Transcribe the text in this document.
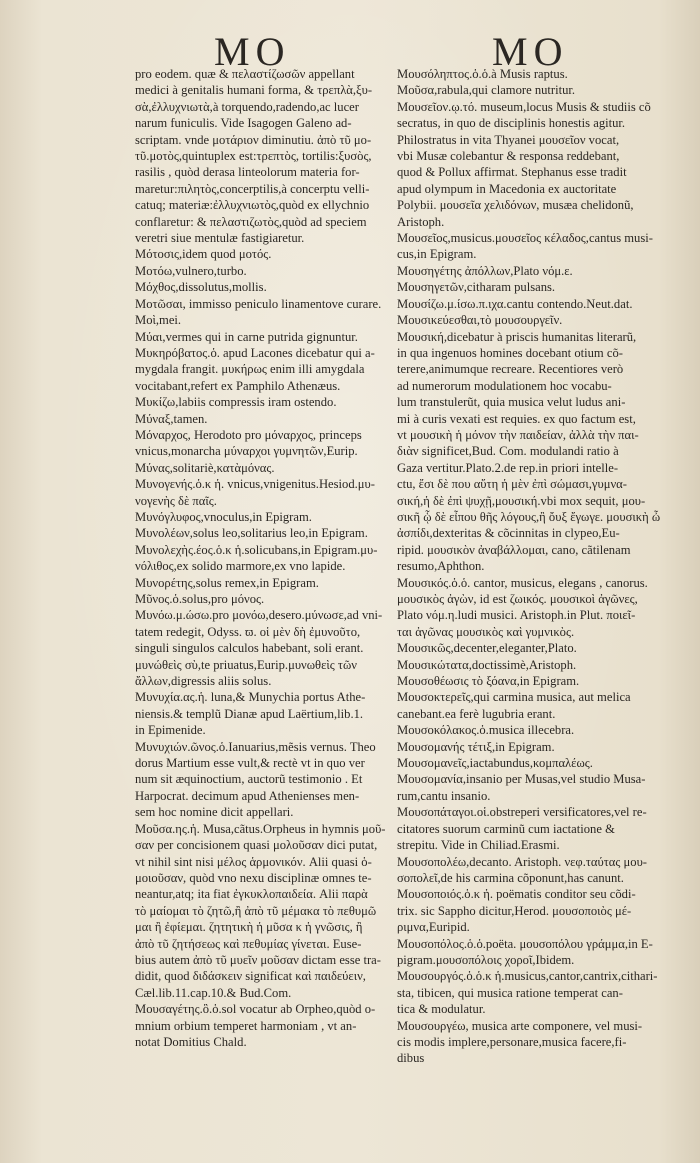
MO	MO
pro eodem. quæ & πελαστίζωσῶν appellant
medici à genitalis humani forma, & τρεπλὰ,ξυ-
σὰ,ἐλλυχνιωτὰ,à torquendo,radendo,ac lucer
narum funiculis. Vide Isagogen Galeno ad-
scriptam. vnde μοτάριον diminutiu. ἀπὸ τῦ μο-
τῦ.μοτὸς,quintuplex est:τρεπτὸς, tortilis:ξυσὸς,
rasilis , quòd derasa linteolorum materia for-
maretur:πιλητὸς,concerptilis,à concerptu velli-
catuq; materiæ:ἐλλυχνιωτὸς,quòd ex ellychnio
conflaretur: & πελαστιζωτὸς,quòd ad speciem
veretri siue mentulæ fastigiaretur.
Μότοσις,idem quod μοτός.
Μοτόω,vulnero,turbo.
Μόχθος,dissolutus,mollis.
Μοτῶσαι, immisso peniculo linamentove curare.
Μοὶ,mei.
Μύαι,vermes qui in carne putrida gignuntur.
Μυκηρόβατος.ὁ. apud Lacones dicebatur qui a-
mygdala frangit. μυκήρως enim illi amygdala
vocitabant,refert ex Pamphilo Athenæus.
Μυκίζω,labiis compressis iram ostendo.
Μύναξ,tamen.
Μόναρχος, Herodoto pro μόναρχος, princeps
vnicus,monarcha μύναρχοι γυμνητῶν,Eurip.
Μύνας,solitariè,κατὰμόνας.
Μυνογενής.ὁ.κ ἡ. vnicus,vnigenitus.Hesiod.μυ-
νογενὴς δὲ παῖς.
Μυνόγλυφος,vnoculus,in Epigram.
Μυνολέων,solus leo,solitarius leo,in Epigram.
Μυνολεχὴς.έος.ὁ.κ ἡ.solicubans,in Epigram.μυ-
νόλιθος,ex solido marmore,ex vno lapide.
Μυνορέτης,solus remex,in Epigram.
Μῦνος.ὁ.solus,pro μόνος.
Μυνόω.μ.ώσω.pro μονόω,desero.μύνωσε,ad vni-
tatem redegit, Odyss. ϖ. οἱ μὲν δὴ ἐμυνοῦτο,
singuli singulos calculos habebant, soli erant.
μυνώθεὶς σὺ,te priuatus,Eurip.μυνωθεὶς τῶν
ἄλλων,digressis aliis solus.
Μυνυχία.ας.ἡ. luna,& Munychia portus Athe-
niensis.& templũ Dianæ apud Laërtium,lib.1.
in Epimenide.
Μυνυχιών.ῶνος.ὁ.Ianuarius,mẽsis vernus. Theo
dorus Martium esse vult,& rectè vt in quo ver
num sit æquinoctium, auctorũ testimonio . Et
Harpocrat. decimum apud Athenienses men-
sem hoc nomine dicit appellari.
Μοῦσα.ης.ἡ. Musa,cãtus.Orpheus in hymnis μοῦ-
σαν per concisionem quasi μολοῦσαν dici putat,
vt nihil sint nisi μέλος ἁρμονικόν. Alii quasi ὁ-
μοιοῦσαν, quòd vno nexu disciplinæ omnes te-
neantur,atq; ita fiat ἐγκυκλοπαιδεία. Alii παρὰ
τὸ μαίομαι τὸ ζητῶ,ἢ ἀπὸ τῦ μέμακα τὸ πεθυμῶ
μαι ἢ ἐφίεμαι. ζητητικὴ ἡ μῦσα κ ἡ γνῶσις, ἢ
ἀπὸ τῦ ζητήσεως καὶ πεθυμίας γίνεται. Euse-
bius autem ἀπὸ τῦ μυεῖν μοῦσαν dictam esse tra-
didit, quod διδάσκειν significat καὶ παιδεύειν,
Cæl.lib.11.cap.10.& Bud.Com.
Μουσαγέτης.ὃ.ὁ.sol vocatur ab Orpheo,quòd o-
mnium orbium temperet harmoniam , vt an-
notat Domitius Chald.
Μουσόληπτος.ὁ.ὁ.à Musis raptus.
Μοῦσα,rabula,qui clamore nutritur.
Μουσεῖον.ῳ.τό. museum,locus Musis & studiis cõ
secratus, in quo de disciplinis honestis agitur.
Philostratus in vita Thyanei μουσεῖον vocat,
vbi Musæ colebantur & responsa reddebant,
quod & Pollux affirmat. Stephanus esse tradit
apud olympum in Macedonia ex auctoritate
Polybii. μουσεῖα χελιδόνων, musæa chelidonũ,
Aristoph.
Μουσεῖος,musicus.μουσεῖος κέλαδος,cantus musi-
cus,in Epigram.
Μουσηγέτης ἀπόλλων,Plato νόμ.ε.
Μουσηγετῶν,citharam pulsans.
Μουσίζω.μ.ίσω.π.ιχα.cantu contendo.Neut.dat.
Μουσικεύεσθαι,τὸ μουσουργεῖν.
Μουσική,dicebatur à priscis humanitas literarũ,
in qua ingenuos homines docebant otium cõ-
terere,animumque recreare. Recentiores verò
ad numerorum modulationem hoc vocabu-
lum transtulerũt, quia musica velut ludus ani-
mi à curis vexati est requies. ex quo factum est,
vt μουσικὴ ἡ μόνον τὴν παιδείαν, ἀλλὰ τὴν παι-
διὰν significet,Bud. Com. modulandi ratio à
Gaza vertitur.Plato.2.de rep.in priori intelle-
ctu, ἔσι δὲ που αὕτη ἡ μὲν ἐπὶ σώμασι,γυμνα-
σική,ἡ δὲ ἐπὶ ψυχῇ,μουσική.vbi mox sequit, μου-
σικῆ ᾧ δὲ εἶπου θῆς λόγους,ἢ ὄυξ ἔγωγε. μουσικὴ ὦ
ἀσπίδι,dexteritas & cõcinnitas in clypeo,Eu-
ripid. μουσικὸν ἀναβάλλομαι, cano, cãtilenam
resumo,Aphthon.
Μουσικός.ὁ.ὁ. cantor, musicus, elegans , canorus.
μουσικὸς ἀγὼν, id est ζωικός. μουσικοὶ ἀγῶνες,
Plato νόμ.η.ludi musici. Aristoph.in Plut. ποιεῖ-
ται ἀγῶνας μουσικὸς καὶ γυμνικὸς.
Μουσικῶς,decenter,eleganter,Plato.
Μουσικώτατα,doctissimè,Aristoph.
Μουσοθέωσις τὸ ξόανα,in Epigram.
Μουσοκτερεῖς,qui carmina musica, aut melica
canebant.ea ferè lugubria erant.
Μουσοκόλακος.ὁ.musica illecebra.
Μουσομανής τέτιξ,in Epigram.
Μουσομανεῖς,iactabundus,κομπαλέως.
Μουσομανία,insanio per Musas,vel studio Musa-
rum,cantu insanio.
Μουσοπάταγοι.οἱ.obstreperi versificatores,vel re-
citatores suorum carminũ cum iactatione &
strepitu. Vide in Chiliad.Erasmi.
Μουσοπολέω,decanto. Aristoph. νεφ.ταύτας μου-
σοπολεῖ,de his carmina cõponunt,has canunt.
Μουσοποιός.ὁ.κ ἡ. poëmatis conditor seu cõdi-
trix. sic Sappho dicitur,Herod. μουσοποιὸς μέ-
ριμνα,Euripid.
Μουσοπόλος.ὁ.ὁ.poëta. μουσοπόλου γράμμα,in E-
pigram.μουσοπόλοις χοροῖ,Ibidem.
Μουσουργός.ὁ.ὁ.κ ἡ.musicus,cantor,cantrix,cithari-
sta, tibicen, qui musica ratione temperat can-
tica & modulatur.
Μουσουργέω, musica arte componere, vel musi-
cis modis implere,personare,musica facere,fi-
dibus
